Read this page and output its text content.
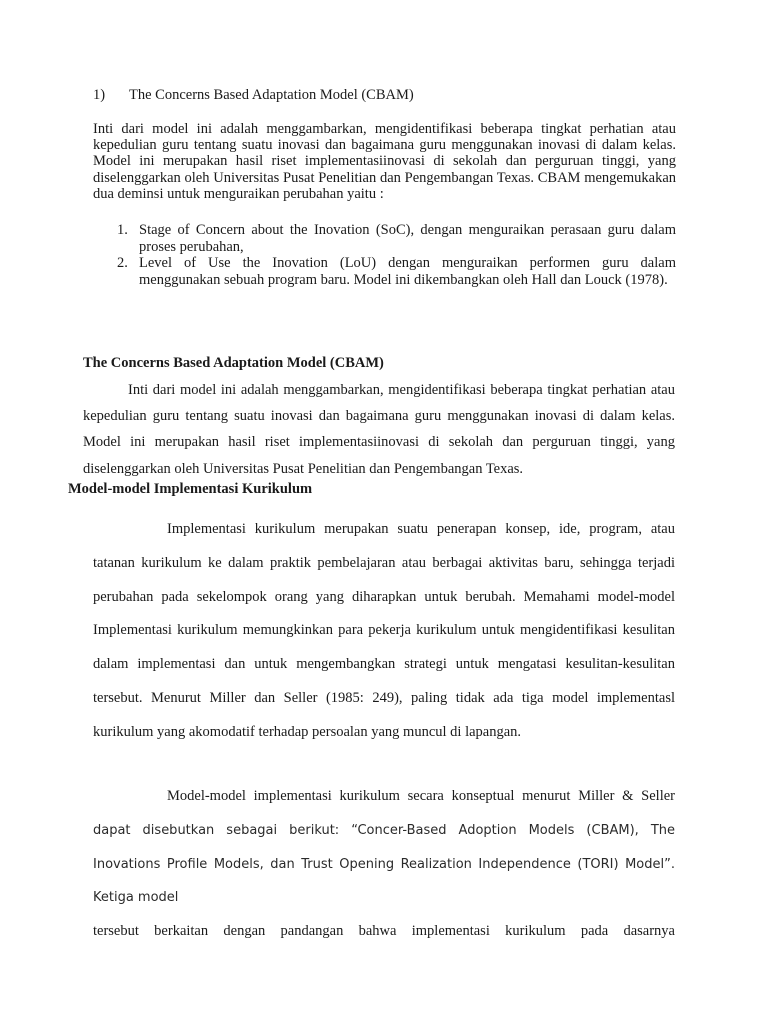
1) The Concerns Based Adaptation Model (CBAM)
Inti dari model ini adalah menggambarkan, mengidentifikasi beberapa tingkat perhatian atau kepedulian guru tentang suatu inovasi dan bagaimana guru menggunakan inovasi di dalam kelas. Model ini merupakan hasil riset implementasiinovasi di sekolah dan perguruan tinggi, yang diselenggarkan oleh Universitas Pusat Penelitian dan Pengembangan Texas. CBAM mengemukakan dua deminsi untuk menguraikan perubahan yaitu :
1. Stage of Concern about the Inovation (SoC), dengan menguraikan perasaan guru dalam proses perubahan,
2. Level of Use the Inovation (LoU) dengan menguraikan performen guru dalam menggunakan sebuah program baru. Model ini dikembangkan oleh Hall dan Louck (1978).
The Concerns Based Adaptation Model (CBAM)
Inti dari model ini adalah menggambarkan, mengidentifikasi beberapa tingkat perhatian atau kepedulian guru tentang suatu inovasi dan bagaimana guru menggunakan inovasi di dalam kelas. Model ini merupakan hasil riset implementasiinovasi di sekolah dan perguruan tinggi, yang diselenggarkan oleh Universitas Pusat Penelitian dan Pengembangan Texas.
Model-model Implementasi Kurikulum
Implementasi kurikulum merupakan suatu penerapan konsep, ide, program, atau tatanan kurikulum ke dalam praktik pembelajaran atau berbagai aktivitas baru, sehingga terjadi perubahan pada sekelompok orang yang diharapkan untuk berubah. Memahami model-model Implementasi kurikulum memungkinkan para pekerja kurikulum untuk mengidentifikasi kesulitan dalam implementasi dan untuk mengembangkan strategi untuk mengatasi kesulitan-kesulitan tersebut. Menurut Miller dan Seller (1985: 249), paling tidak ada tiga model implementasl kurikulum yang akomodatif terhadap persoalan yang muncul di lapangan.
Model-model implementasi kurikulum secara konseptual menurut Miller & Seller dapat disebutkan sebagai berikut: “Concer-Based Adoption Models (CBAM), The Inovations Profile Models, dan Trust Opening Realization Independence (TORI) Model”. Ketiga model
tersebut berkaitan dengan pandangan bahwa implementasi kurikulum pada dasarnya
